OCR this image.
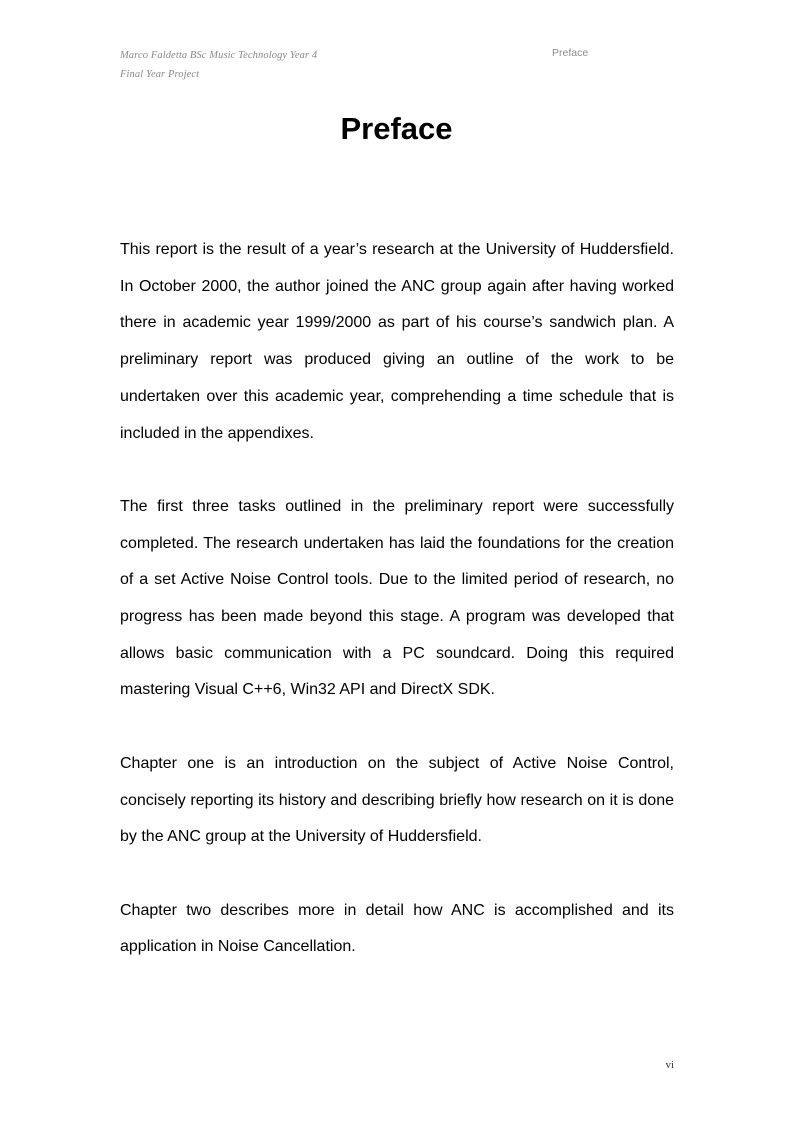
Marco Faldetta BSc Music Technology Year 4
Final Year Project
Preface
Preface

This report is the result of a year’s research at the University of Huddersfield. In October 2000, the author joined the ANC group again after having worked there in academic year 1999/2000 as part of his course’s sandwich plan. A preliminary report was produced giving an outline of the work to be undertaken over this academic year, comprehending a time schedule that is included in the appendixes.

The first three tasks outlined in the preliminary report were successfully completed. The research undertaken has laid the foundations for the creation of a set Active Noise Control tools. Due to the limited period of research, no progress has been made beyond this stage. A program was developed that allows basic communication with a PC soundcard. Doing this required mastering Visual C++6, Win32 API and DirectX SDK.

Chapter one is an introduction on the subject of Active Noise Control, concisely reporting its history and describing briefly how research on it is done by the ANC group at the University of Huddersfield.

Chapter two describes more in detail how ANC is accomplished and its application in Noise Cancellation.

vi
